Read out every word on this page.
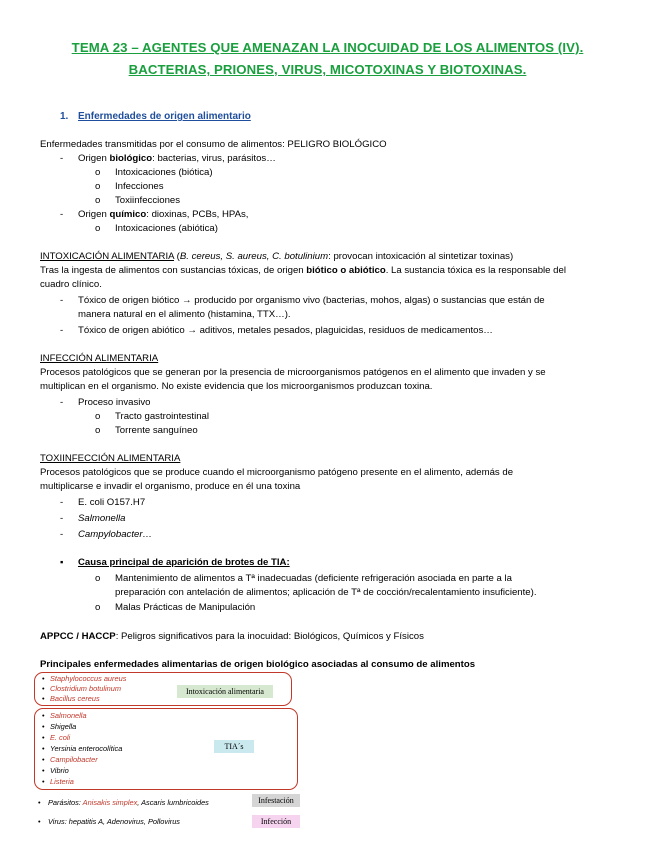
TEMA 23 – AGENTES QUE AMENAZAN LA INOCUIDAD DE LOS ALIMENTOS (IV).
BACTERIAS, PRIONES, VIRUS, MICOTOXINAS Y BIOTOXINAS.
1. Enfermedades de origen alimentario
Enfermedades transmitidas por el consumo de alimentos: PELIGRO BIOLÓGICO
- Origen biológico: bacterias, virus, parásitos…
o Intoxicaciones (biótica)
o Infecciones
o Toxiinfecciones
- Origen químico: dioxinas, PCBs, HPAs,
o Intoxicaciones (abiótica)
INTOXICACIÓN ALIMENTARIA (B. cereus, S. aureus, C. botulinium: provocan intoxicación al sintetizar toxinas)
Tras la ingesta de alimentos con sustancias tóxicas, de origen biótico o abiótico. La sustancia tóxica es la responsable del
cuadro clínico.
- Tóxico de origen biótico → producido por organismo vivo (bacterias, mohos, algas) o sustancias que están de
manera natural en el alimento (histamina, TTX…).
- Tóxico de origen abiótico → aditivos, metales pesados, plaguicidas, residuos de medicamentos…
INFECCIÓN ALIMENTARIA
Procesos patológicos que se generan por la presencia de microorganismos patógenos en el alimento que invaden y se
multiplican en el organismo. No existe evidencia que los microorganismos produzcan toxina.
- Proceso invasivo
o Tracto gastrointestinal
o Torrente sanguíneo
TOXIINFECCIÓN ALIMENTARIA
Procesos patológicos que se produce cuando el microorganismo patógeno presente en el alimento, además de
multiplicarse e invadir el organismo, produce en él una toxina
- E. coli O157.H7
- Salmonella
- Campylobacter…
▪ Causa principal de aparición de brotes de TIA:
o Mantenimiento de alimentos a Tª inadecuadas (deficiente refrigeración asociada en parte a la
preparación con antelación de alimentos; aplicación de Tª de cocción/recalentamiento insuficiente).
o Malas Prácticas de Manipulación
APPCC / HACCP: Peligros significativos para la inocuidad: Biológicos, Químicos y Físicos
Principales enfermedades alimentarias de origen biológico asociadas al consumo de alimentos
• Staphylococcus aureus
• Clostridium botulinum
• Bacillus cereus
Intoxicación alimentaria
• Salmonella
• Shigella
• E. coli
• Yersinia enterocolítica
• Campilobacter
• Vibrio
• Listeria
TIA´s
• Parásitos: Anisakis simplex, Ascaris lumbricoides	Infestación
• Virus: hepatitis A, Adenovirus, Pollovirus	Infección
